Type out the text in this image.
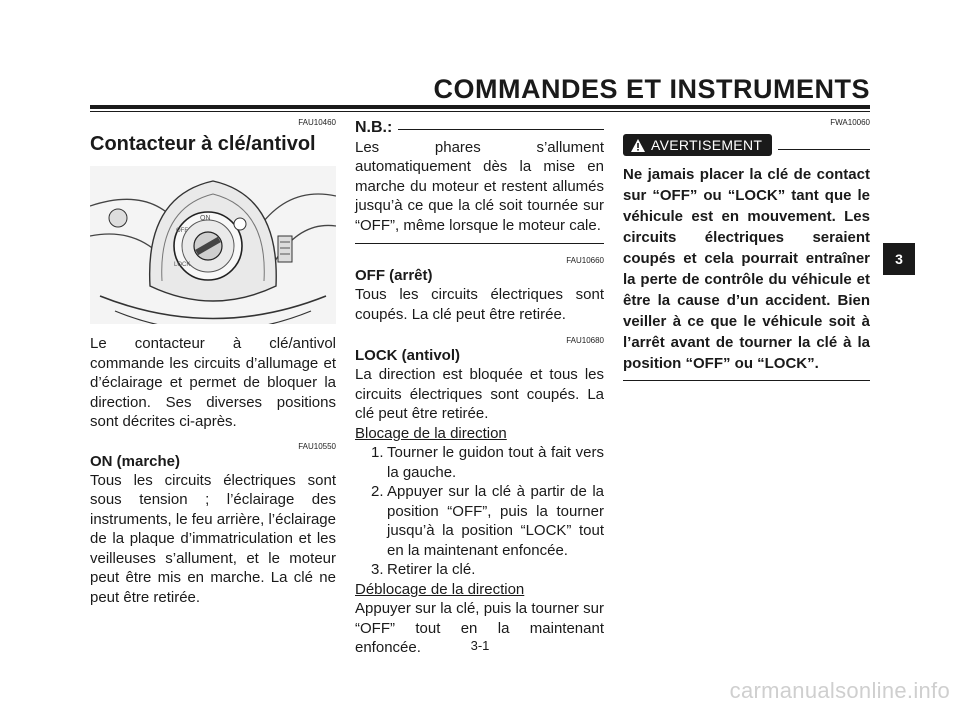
COMMANDES ET INSTRUMENTS
FAU10460
Contacteur à clé/antivol
ON
OFF
LOCK
Le contacteur à clé/antivol commande les circuits d’allumage et d’éclairage et permet de bloquer la direction. Ses diverses positions sont décrites ci-après.
FAU10550
ON (marche)
Tous les circuits électriques sont sous tension ; l’éclairage des instruments, le feu arrière, l’éclairage de la plaque d’immatriculation et les veilleuses s’allument, et le moteur peut être mis en marche. La clé ne peut être retirée.
N.B.:
Les phares s’allument automatiquement dès la mise en marche du moteur et restent allumés jusqu’à ce que la clé soit tournée sur “OFF”, même lorsque le moteur cale.
FAU10660
OFF (arrêt)
Tous les circuits électriques sont coupés. La clé peut être retirée.
FAU10680
LOCK (antivol)
La direction est bloquée et tous les circuits électriques sont coupés. La clé peut être retirée.
Blocage de la direction
1. Tourner le guidon tout à fait vers la gauche.
2. Appuyer sur la clé à partir de la position “OFF”, puis la tourner jusqu’à la position “LOCK” tout en la maintenant enfoncée.
3. Retirer la clé.
Déblocage de la direction
Appuyer sur la clé, puis la tourner sur “OFF” tout en la maintenant enfoncée.
FWA10060
AVERTISEMENT
Ne jamais placer la clé de contact sur “OFF” ou “LOCK” tant que le véhicule est en mouvement. Les circuits électriques seraient coupés et cela pourrait entraîner la perte de contrôle du véhicule et être la cause d’un accident. Bien veiller à ce que le véhicule soit à l’arrêt avant de tourner la clé à la position “OFF” ou “LOCK”.
3
3-1
carmanualsonline.info
